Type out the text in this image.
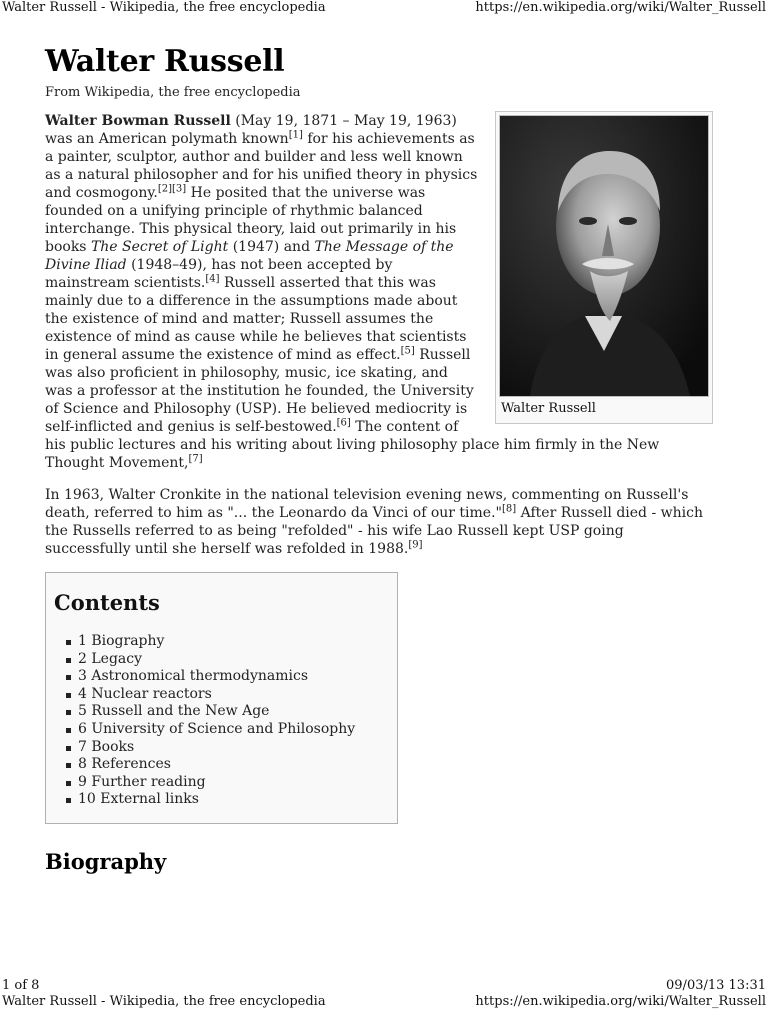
Walter Russell - Wikipedia, the free encyclopedia	https://en.wikipedia.org/wiki/Walter_Russell
Walter Russell
From Wikipedia, the free encyclopedia
Walter Russell

Walter Bowman Russell (May 19, 1871 – May 19, 1963) was an American polymath known[1] for his achievements as a painter, sculptor, author and builder and less well known as a natural philosopher and for his unified theory in physics and cosmogony.[2][3] He posited that the universe was founded on a unifying principle of rhythmic balanced interchange. This physical theory, laid out primarily in his books The Secret of Light (1947) and The Message of the Divine Iliad (1948–49), has not been accepted by mainstream scientists.[4] Russell asserted that this was mainly due to a difference in the assumptions made about the existence of mind and matter; Russell assumes the existence of mind as cause while he believes that scientists in general assume the existence of mind as effect.[5] Russell was also proficient in philosophy, music, ice skating, and was a professor at the institution he founded, the University of Science and Philosophy (USP). He believed mediocrity is self-inflicted and genius is self-bestowed.[6] The content of his public lectures and his writing about living philosophy place him firmly in the New Thought Movement,[7]

In 1963, Walter Cronkite in the national television evening news, commenting on Russell's death, referred to him as "... the Leonardo da Vinci of our time."[8] After Russell died - which the Russells referred to as being "refolded" - his wife Lao Russell kept USP going successfully until she herself was refolded in 1988.[9]

Contents
1 Biography
2 Legacy
3 Astronomical thermodynamics
4 Nuclear reactors
5 Russell and the New Age
6 University of Science and Philosophy
7 Books
8 References
9 Further reading
10 External links
Biography
1 of 8	09/03/13 13:31
Walter Russell - Wikipedia, the free encyclopedia	https://en.wikipedia.org/wiki/Walter_Russell
